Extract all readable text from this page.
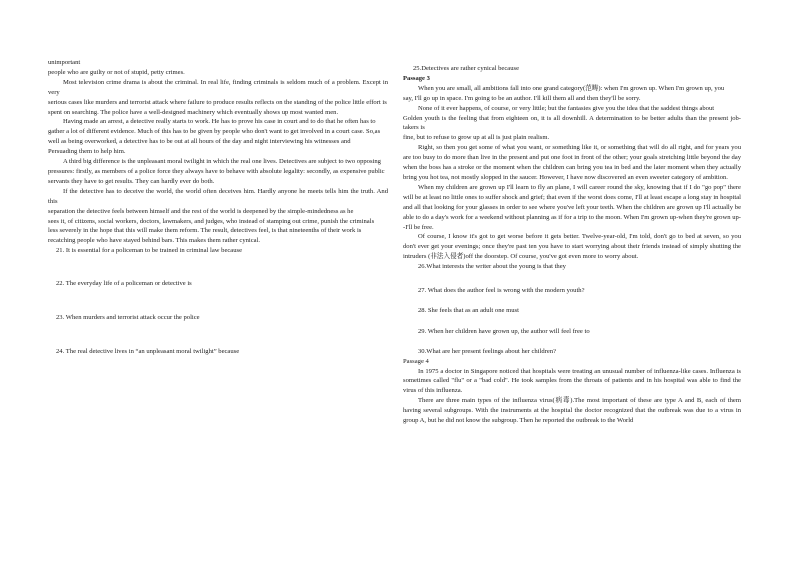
unimportant

people who are guilty or not of stupid, petty crimes.

Most television crime drama is about the criminal. In real life, finding criminals is seldom much of a problem. Except in very

serious cases like murders and terrorist attack where failure to produce results reflects on the standing of the police little effort is

spent on searching. The police have a well-designed machinery which eventually shows up most wanted men.

Having made an arrest, a detective really starts to work. He has to prove his case in court and to do that he often has to

gather a lot of different evidence. Much of this has to be given by people who don't want to get involved in a court case. So,as

well as being overworked, a detective has to be out at all hours of the day and night interviewing his witnesses and

Persuading them to help him.

A third big difference is the unpleasant moral twilight in which the real one lives. Detectives are subject to two opposing

pressures: firstly, as members of a police force they always have to behave with absolute legality: secondly, as expensive public

servants they have to get results. They can hardly ever do both.

If the detective has to deceive the world, the world often deceives him. Hardly anyone he meets tells him the truth. And this

separation the detective feels between himself and the rest of the world is deepened by the simple-mindedness as he

sees it, of citizens, social workers, doctors, lawmakers, and judges, who instead of stamping out crime, punish the criminals

less severely in the hope that this will make them reform. The result, detectives feel, is that nineteenths of their work is

recatching people who have stayed behind bars. This makes them rather cynical.

21. It is essential for a policeman to be trained in criminal law because

22. The everyday life of a policeman or detective is

23. When murders and terrorist attack occur the police

24. The real detective lives in “an unpleasant moral twilight” because

25.Detectives are rather cynical because

Passage 3

When you are small, all ambitions fall into one grand category(范畴): when I'm grown up. When I'm grown up, you

say, I'll go up in space. I'm going to be an author. I'll kill them all and then they'll be sorry.

None of it ever happens, of course, or very little; but the fantasies give you the idea that the saddest things about

Golden youth is the feeling that from eighteen on, it is all downhill. A determination to be better adults than the present job-takers is

fine, but to refuse to grow up at all is just plain realism.

Right, so then you get some of what you want, or something like it, or something that will do all right, and for years you are too busy to do more than live in the present and put one foot in front of the other; your goals stretching little beyond the day when the boss has a stroke or the moment when the children can bring you tea in bed and the later moment when they actually bring you hot tea, not mostly slopped in the saucer. However, I have now discovered an even sweeter category of ambition.

When my children are grown up I'll learn to fly an plane, I will career round the sky, knowing that if I do "go pop" there will be at least no little ones to suffer shock and grief; that even if the worst does come, I'll at least escape a long stay in hospital and all that looking for your glasses in order to see where you've left your teeth. When the children are grown up I'll actually be able to do a day's work for a weekend without planning as if for a trip to the moon. When I'm grown up-when they're grown up--I'll be free.

Of course, I know it's got to get worse before it gets better. Twelve-year-old, I'm told, don't go to bed at seven, so you don't ever get your evenings; once they're past ten you have to start worrying about their friends instead of simply shutting the intruders (非法入侵者)off the doorstep. Of course, you've got even more to worry about.

26.What interests the writer about the young is that they

27. What does the author feel is wrong with the modern youth?

28. She feels that as an adult one must

29. When her children have grown up, the author will feel free to

30.What are her present feelings about her children?

Passage 4

In 1975 a doctor in Singapore noticed that hospitals were treating an unusual number of influenza-like cases. Influenza is sometimes called "flu" or a "bad cold". He took samples from the throats of patients and in his hospital was able to find the virus of this influenza.

There are three main types of the influenza virus(病毒).The most important of these are type A and B, each of them having several subgroups. With the instruments at the hospital the doctor recognized that the outbreak was due to a virus in group A, but he did not know the subgroup. Then he reported the outbreak to the World
